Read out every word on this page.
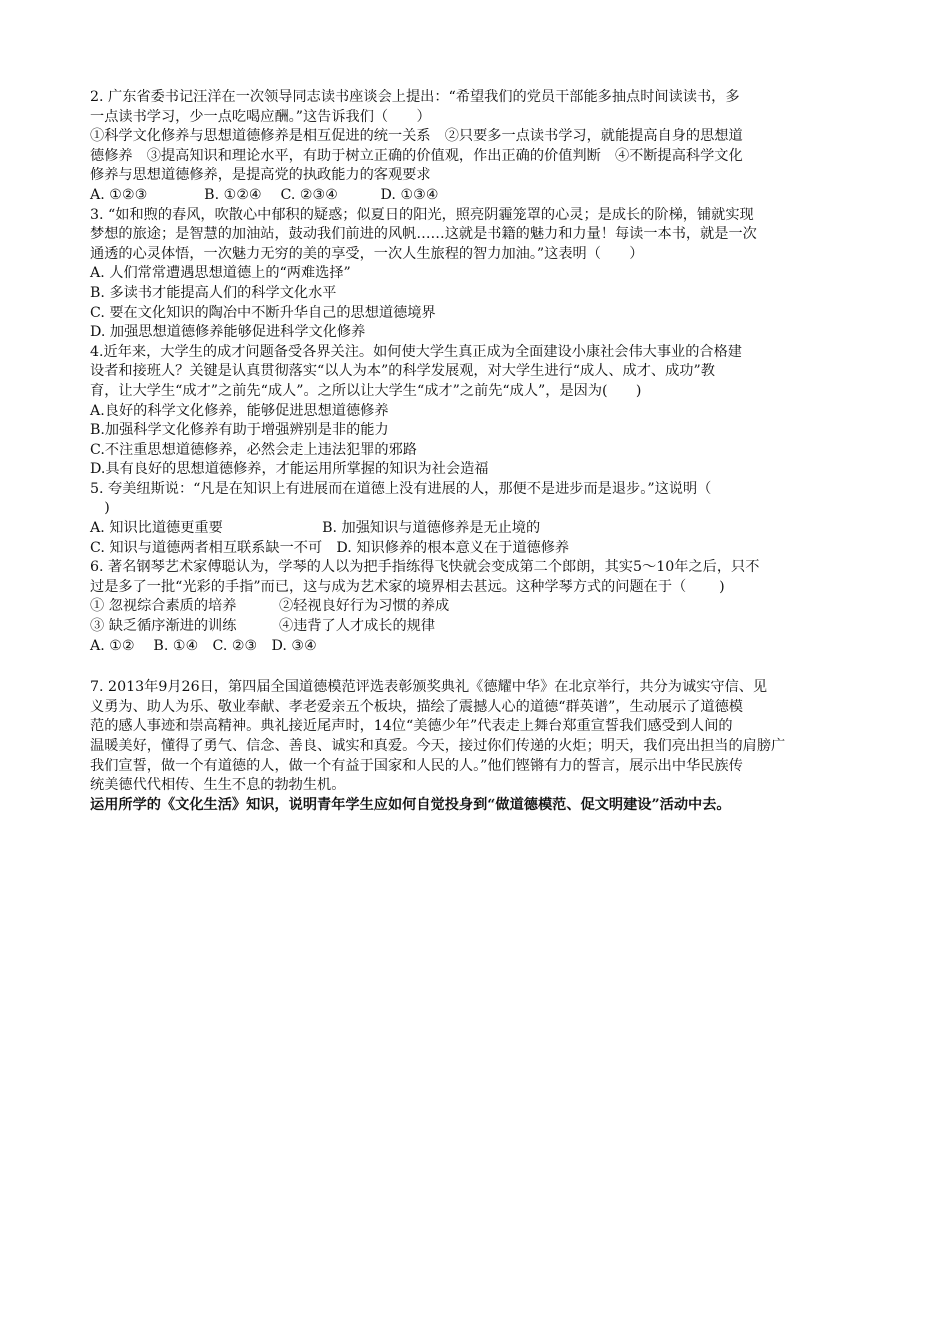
2. 广东省委书记汪洋在一次领导同志读书座谈会上提出：“希望我们的党员干部能多抽点时间读读书，多
一点读书学习，少一点吃喝应酬。”这告诉我们（　　）
①科学文化修养与思想道德修养是相互促进的统一关系　②只要多一点读书学习，就能提高自身的思想道
德修养　③提高知识和理论水平，有助于树立正确的价值观，作出正确的价值判断　④不断提高科学文化
修养与思想道德修养，是提高党的执政能力的客观要求
A. ①②③　　　　B. ①②④ 　C. ②③④　　　D. ①③④
3. “如和煦的春风，吹散心中郁积的疑惑；似夏日的阳光，照亮阴霾笼罩的心灵；是成长的阶梯，铺就实现
梦想的旅途；是智慧的加油站，鼓动我们前进的风帆……这就是书籍的魅力和力量！每读一本书，就是一次
通透的心灵体悟，一次魅力无穷的美的享受，一次人生旅程的智力加油。”这表明（　　）
A. 人们常常遭遇思想道德上的“两难选择”
B. 多读书才能提高人们的科学文化水平
C. 要在文化知识的陶冶中不断升华自己的思想道德境界
D. 加强思想道德修养能够促进科学文化修养
4.近年来，大学生的成才问题备受各界关注。如何使大学生真正成为全面建设小康社会伟大事业的合格建
设者和接班人？关键是认真贯彻落实“以人为本”的科学发展观，对大学生进行“成人、成才、成功”教
育，让大学生“成才”之前先“成人”。之所以让大学生“成才”之前先“成人”，是因为(　　)
A.良好的科学文化修养，能够促进思想道德修养
B.加强科学文化修养有助于增强辨别是非的能力
C.不注重思想道德修养，必然会走上违法犯罪的邪路
D.具有良好的思想道德修养，才能运用所掌握的知识为社会造福
5. 夸美纽斯说：“凡是在知识上有进展而在道德上没有进展的人，那便不是进步而是退步。”这说明（
　)
A. 知识比道德更重要　　　　　　　B. 加强知识与道德修养是无止境的
C. 知识与道德两者相互联系缺一不可　D. 知识修养的根本意义在于道德修养
6. 著名钢琴艺术家傅聪认为，学琴的人以为把手指练得飞快就会变成第二个郎朗，其实5～10年之后，只不
过是多了一批“光彩的手指”而已，这与成为艺术家的境界相去甚远。这种学琴方式的问题在于（ 　　)
① 忽视综合素质的培养　　　②轻视良好行为习惯的养成
③ 缺乏循序渐进的训练　　　④违背了人才成长的规律
A. ①②　 B. ①④　C. ②③　D. ③④
7. 2013年9月26日，第四届全国道德模范评选表彰颁奖典礼《德耀中华》在北京举行，共分为诚实守信、见
义勇为、助人为乐、敬业奉献、孝老爱亲五个板块，描绘了震撼人心的道德“群英谱”，生动展示了道德模
范的感人事迹和崇高精神。典礼接近尾声时，14位“美德少年”代表走上舞台郑重宣誓我们感受到人间的
温暖美好，懂得了勇气、信念、善良、诚实和真爱。今天，接过你们传递的火炬；明天，我们亮出担当的肩膀广
我们宣誓，做一个有道德的人，做一个有益于国家和人民的人。”他们铿锵有力的誓言，展示出中华民族传
统美德代代相传、生生不息的勃勃生机。
运用所学的《文化生活》知识，说明青年学生应如何自觉投身到“做道德模范、促文明建设”活动中去。
